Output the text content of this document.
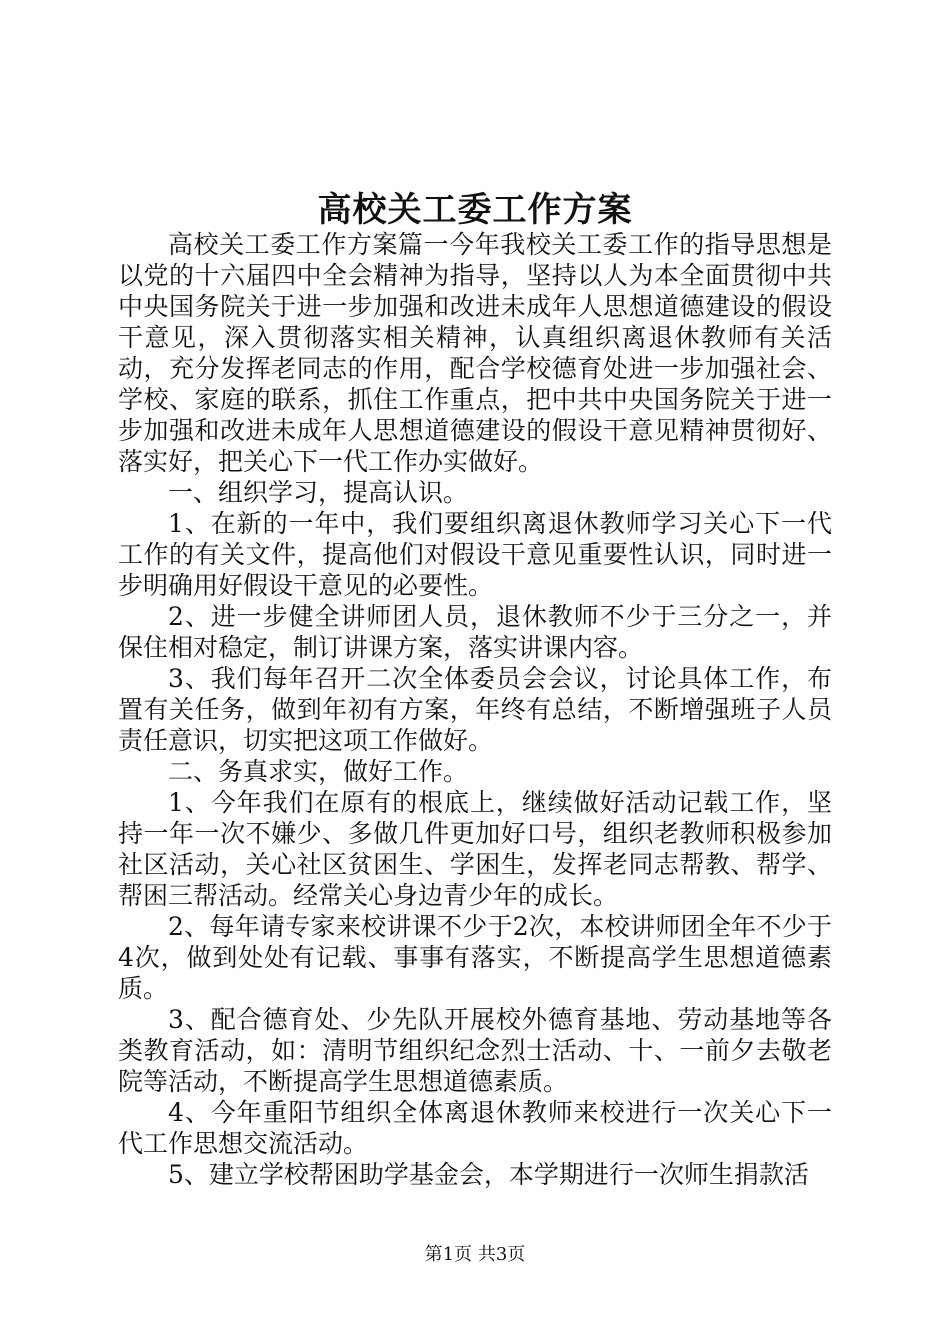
高校关工委工作方案

高校关工委工作方案篇一今年我校关工委工作的指导思想是以党的十六届四中全会精神为指导，坚持以人为本全面贯彻中共中央国务院关于进一步加强和改进未成年人思想道德建设的假设干意见，深入贯彻落实相关精神，认真组织离退休教师有关活动，充分发挥老同志的作用，配合学校德育处进一步加强社会、学校、家庭的联系，抓住工作重点，把中共中央国务院关于进一步加强和改进未成年人思想道德建设的假设干意见精神贯彻好、落实好，把关心下一代工作办实做好。

一、组织学习，提高认识。

1、在新的一年中，我们要组织离退休教师学习关心下一代工作的有关文件，提高他们对假设干意见重要性认识，同时进一步明确用好假设干意见的必要性。

2、进一步健全讲师团人员，退休教师不少于三分之一，并保住相对稳定，制订讲课方案，落实讲课内容。

3、我们每年召开二次全体委员会会议，讨论具体工作，布置有关任务，做到年初有方案，年终有总结，不断增强班子人员责任意识，切实把这项工作做好。

二、务真求实，做好工作。

1、今年我们在原有的根底上，继续做好活动记载工作，坚持一年一次不嫌少、多做几件更加好口号，组织老教师积极参加社区活动，关心社区贫困生、学困生，发挥老同志帮教、帮学、帮困三帮活动。经常关心身边青少年的成长。

2、每年请专家来校讲课不少于2次，本校讲师团全年不少于4次，做到处处有记载、事事有落实，不断提高学生思想道德素质。

3、配合德育处、少先队开展校外德育基地、劳动基地等各类教育活动，如：清明节组织纪念烈士活动、十、一前夕去敬老院等活动，不断提高学生思想道德素质。

4、今年重阳节组织全体离退休教师来校进行一次关心下一代工作思想交流活动。

5、建立学校帮困助学基金会，本学期进行一次师生捐款活

第1页 共3页
